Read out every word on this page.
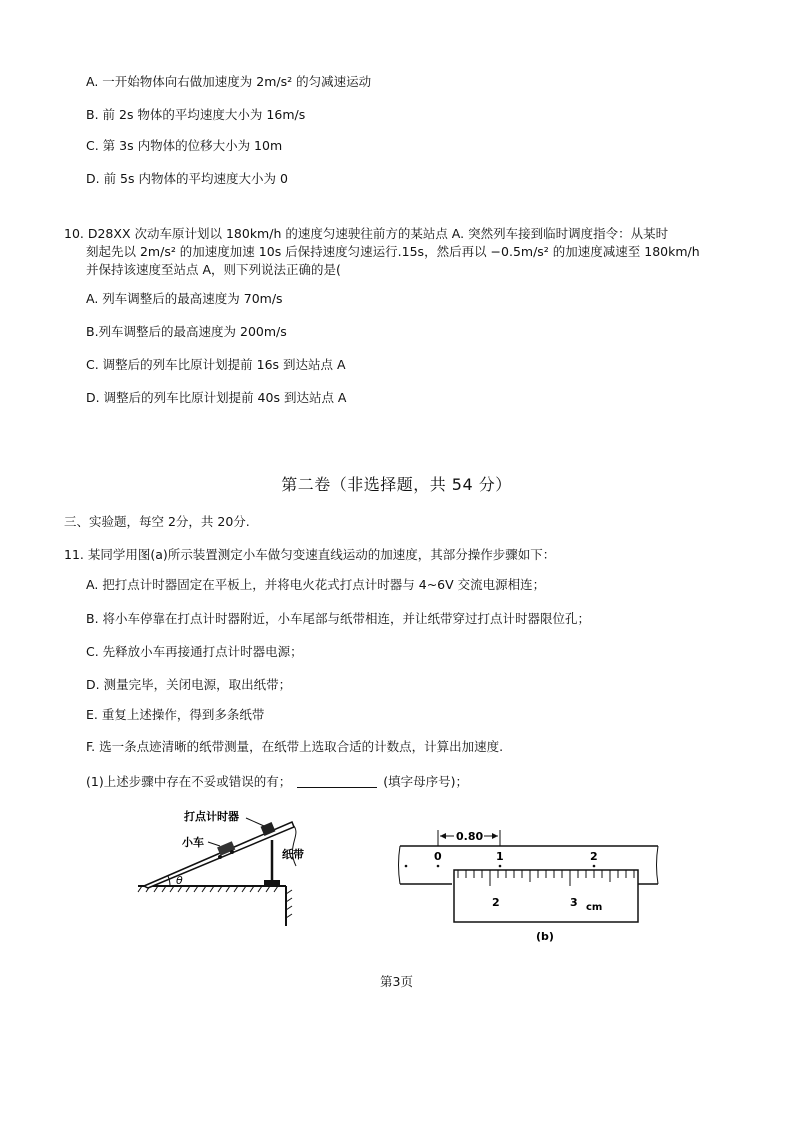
A. 一开始物体向右做加速度为 2m/s² 的匀减速运动
B. 前 2s 物体的平均速度大小为 16m/s
C. 第 3s 内物体的位移大小为 10m
D. 前 5s 内物体的平均速度大小为 0
10. D28XX 次动车原计划以 180km/h 的速度匀速驶往前方的某站点 A. 突然列车接到临时调度指令：从某时
刻起先以 2m/s² 的加速度加速 10s 后保持速度匀速运行.15s，然后再以 −0.5m/s² 的加速度减速至 180km/h
并保持该速度至站点 A，则下列说法正确的是(
A. 列车调整后的最高速度为 70m/s
B.列车调整后的最高速度为 200m/s
C. 调整后的列车比原计划提前 16s 到达站点 A
D. 调整后的列车比原计划提前 40s 到达站点 A
第二卷（非选择题，共 54 分）
三、实验题，每空 2分，共 20分.
11. 某同学用图(a)所示装置测定小车做匀变速直线运动的加速度，其部分操作步骤如下：
A. 把打点计时器固定在平板上，并将电火花式打点计时器与 4~6V 交流电源相连；
B. 将小车停靠在打点计时器附近，小车尾部与纸带相连，并让纸带穿过打点计时器限位孔；
C. 先释放小车再接通打点计时器电源；
D. 测量完毕，关闭电源，取出纸带；
E. 重复上述操作，得到多条纸带
F. 选一条点迹清晰的纸带测量，在纸带上选取合适的计数点，计算出加速度.
(1)上述步骤中存在不妥或错误的有；	(填字母序号)；
θ
打点计时器
小车
纸带
0.80
0	1	2
2	3 cm
(b)
第3页
